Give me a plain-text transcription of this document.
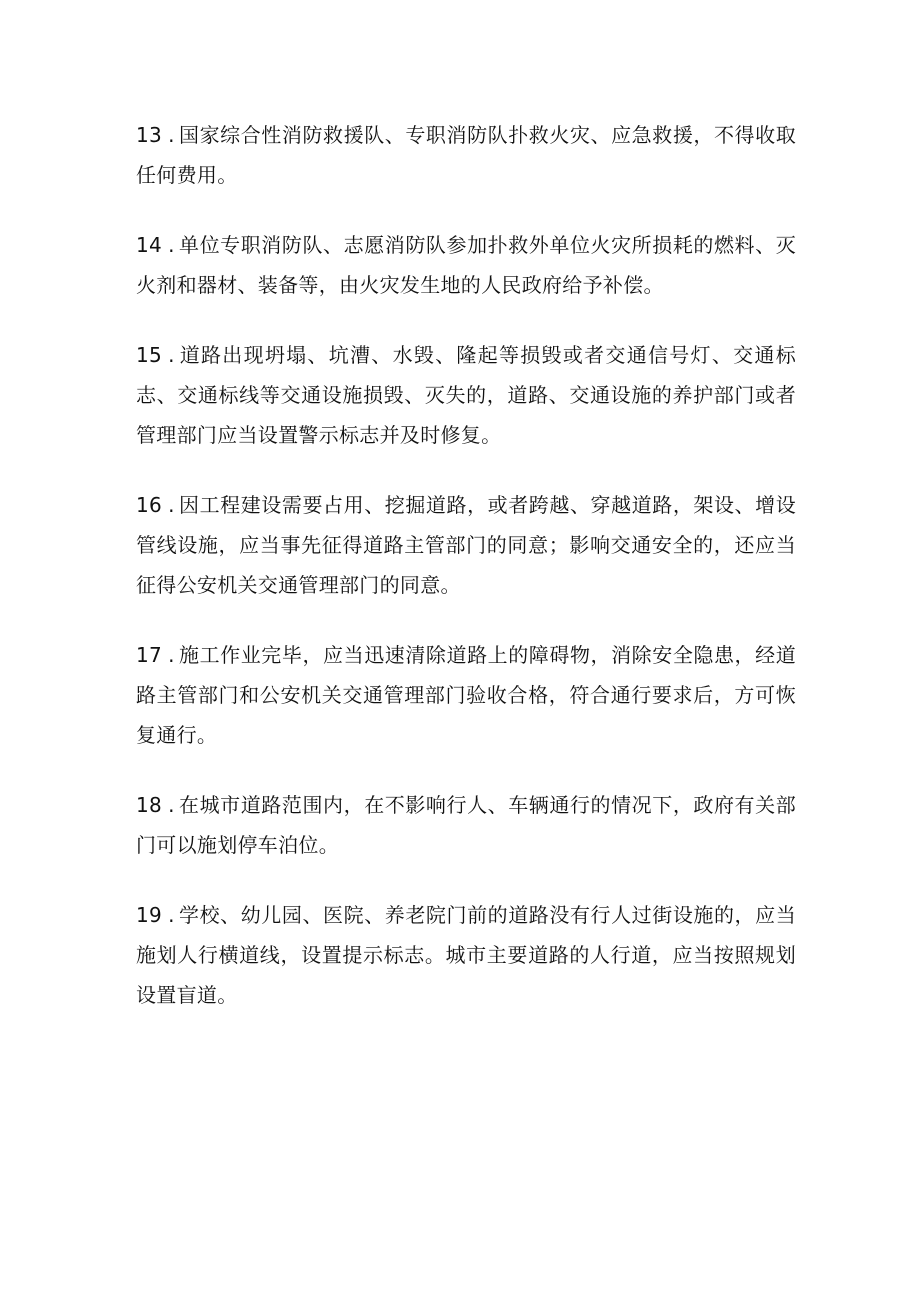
13 . 国家综合性消防救援队、专职消防队扑救火灾、应急救援，不得收取任何费用。

14 . 单位专职消防队、志愿消防队参加扑救外单位火灾所损耗的燃料、灭火剂和器材、装备等，由火灾发生地的人民政府给予补偿。

15 . 道路出现坍塌、坑漕、水毁、隆起等损毁或者交通信号灯、交通标志、交通标线等交通设施损毁、灭失的，道路、交通设施的养护部门或者管理部门应当设置警示标志并及时修复。

16 . 因工程建设需要占用、挖掘道路，或者跨越、穿越道路，架设、增设管线设施，应当事先征得道路主管部门的同意；影响交通安全的，还应当征得公安机关交通管理部门的同意。

17 . 施工作业完毕，应当迅速清除道路上的障碍物，消除安全隐患，经道路主管部门和公安机关交通管理部门验收合格，符合通行要求后，方可恢复通行。

18 . 在城市道路范围内，在不影响行人、车辆通行的情况下，政府有关部门可以施划停车泊位。

19 . 学校、幼儿园、医院、养老院门前的道路没有行人过街设施的，应当施划人行横道线，设置提示标志。城市主要道路的人行道，应当按照规划设置盲道。
